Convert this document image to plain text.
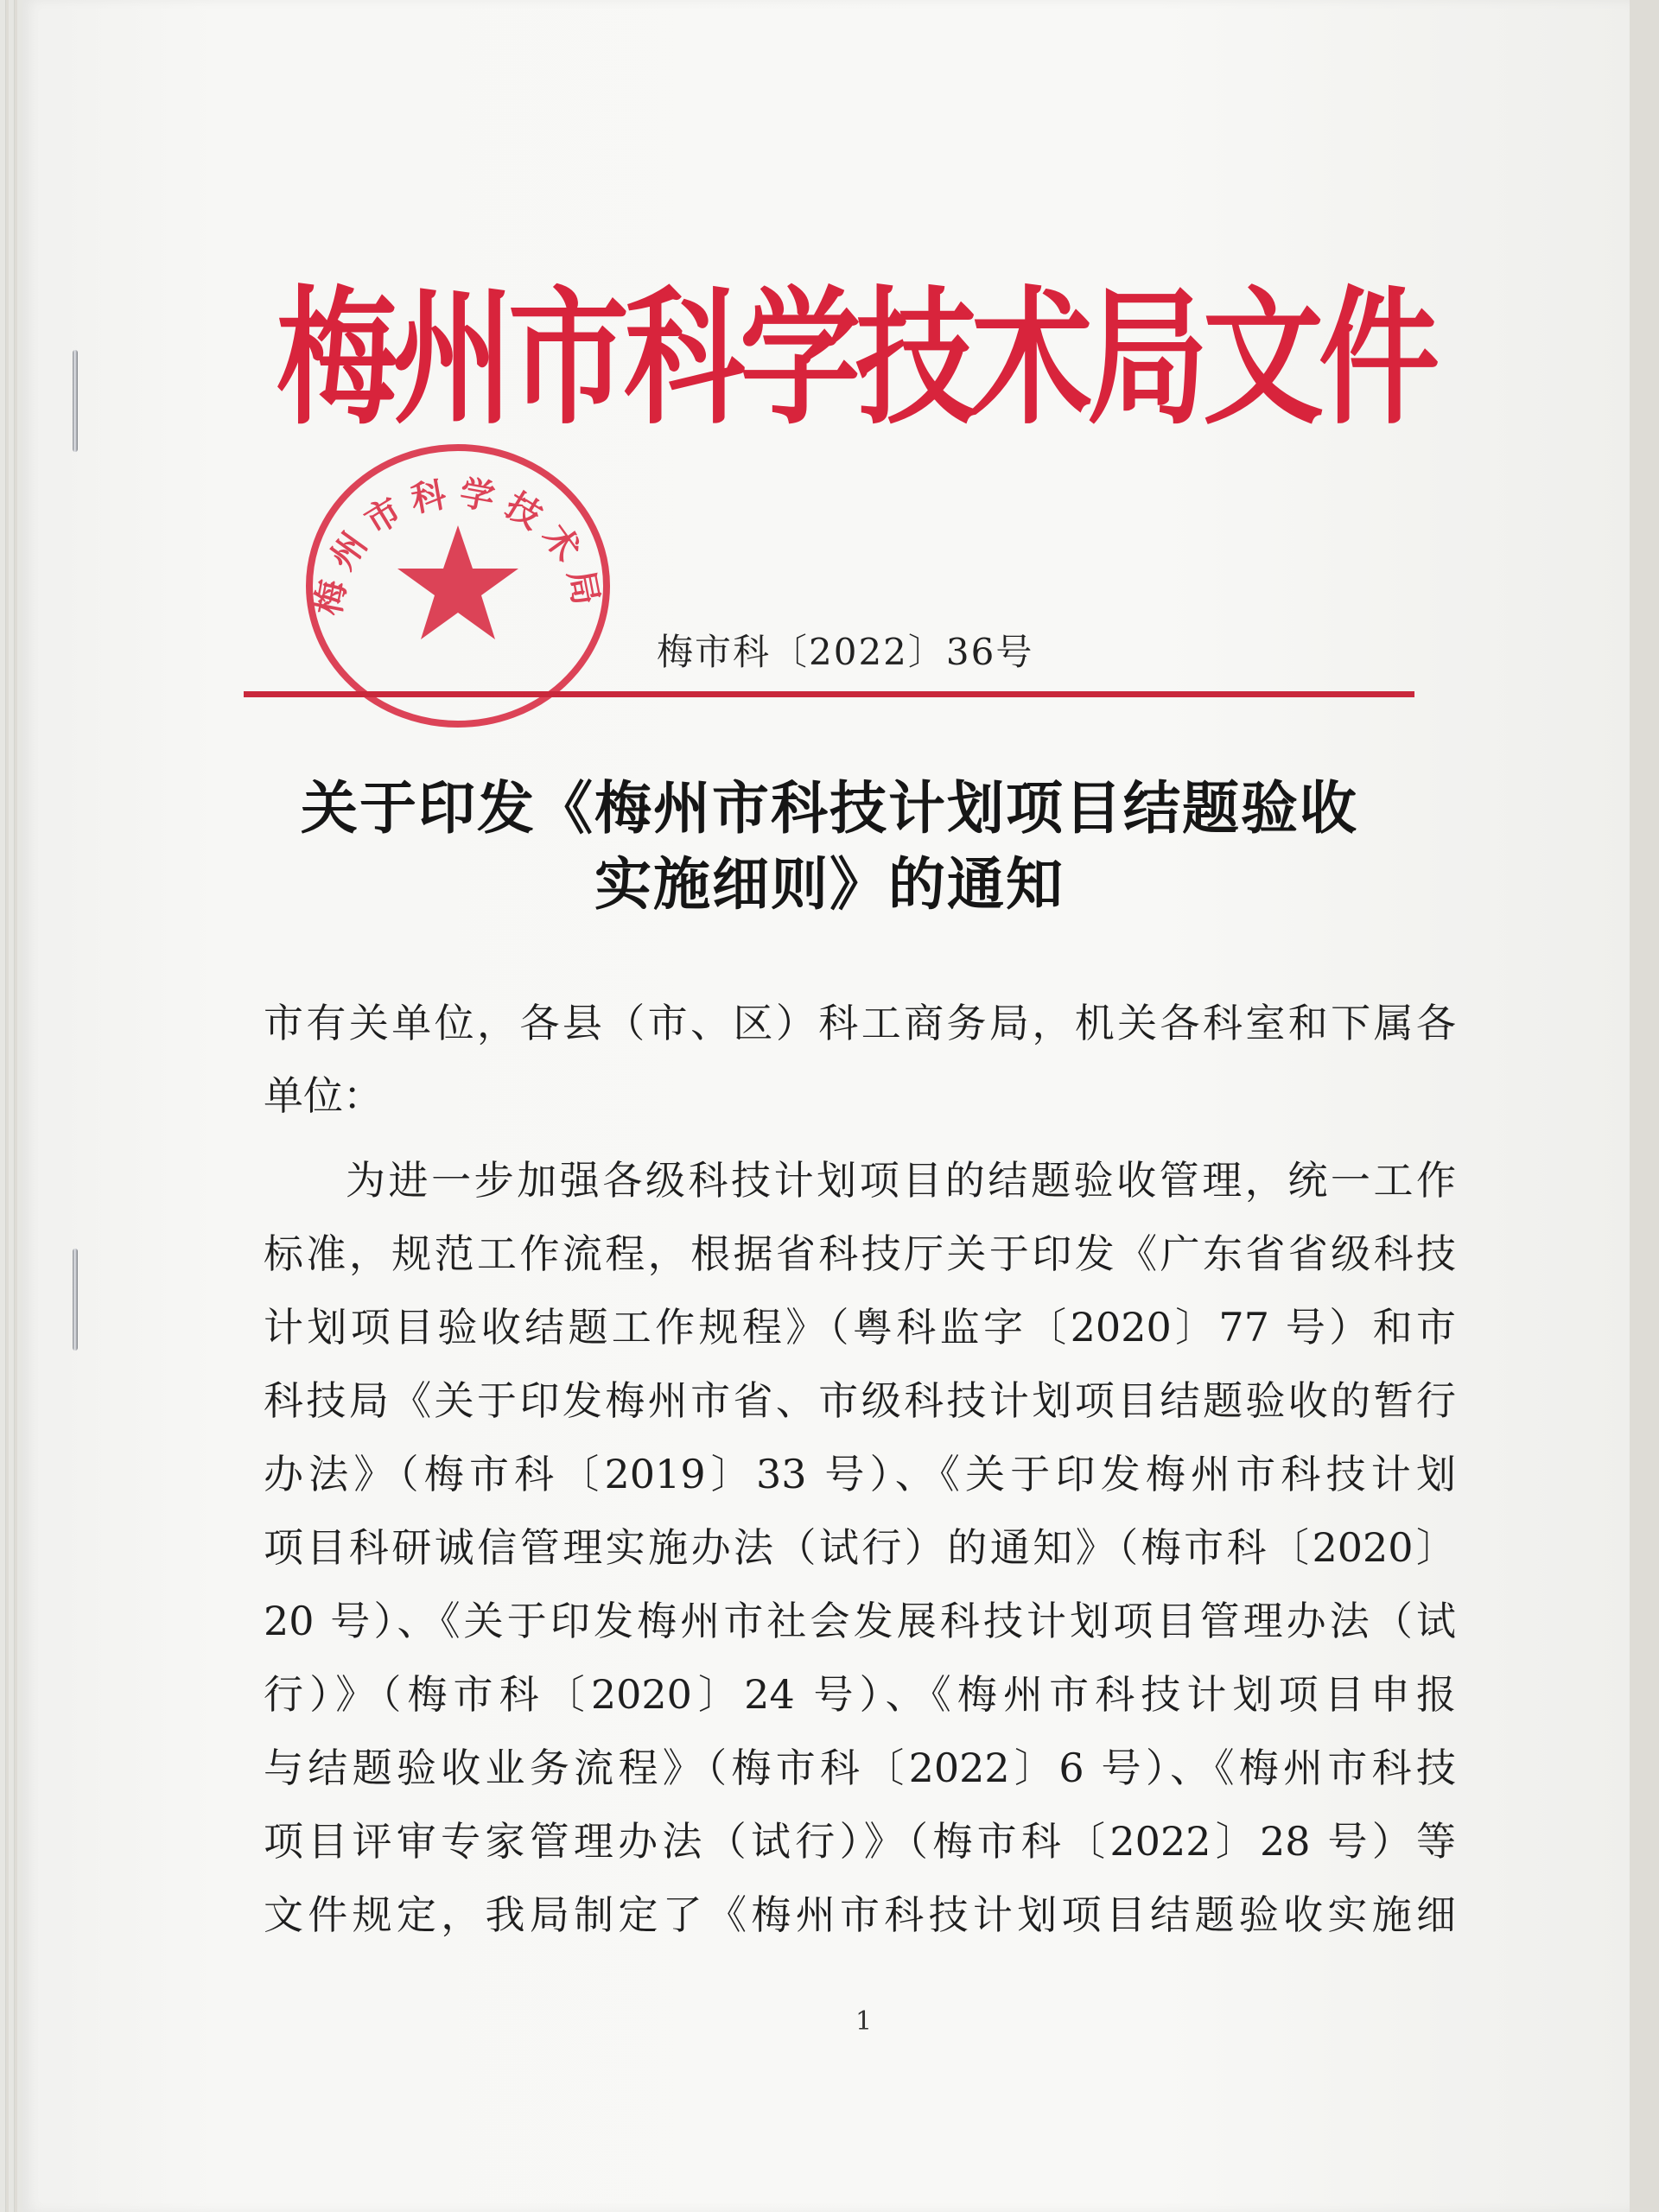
梅州市科学技术局文件
梅州市科学技术局
梅市科〔2022〕36号
关于印发《梅州市科技计划项目结题验收
实施细则》的通知
市有关单位，各县（市、区）科工商务局，机关各科室和下属各
单位：
为进一步加强各级科技计划项目的结题验收管理，统一工作
标准，规范工作流程，根据省科技厅关于印发《广东省省级科技
计划项目验收结题工作规程》（粤科监字〔2020〕77 号）和市
科技局《关于印发梅州市省、市级科技计划项目结题验收的暂行
办法》（梅市科〔2019〕33 号）、《关于印发梅州市科技计划
项目科研诚信管理实施办法（试行）的通知》（梅市科〔2020〕
20 号）、《关于印发梅州市社会发展科技计划项目管理办法（试
行）》（梅市科〔2020〕24 号）、《梅州市科技计划项目申报
与结题验收业务流程》（梅市科〔2022〕6 号）、《梅州市科技
项目评审专家管理办法（试行）》（梅市科〔2022〕28 号）等
文件规定，我局制定了《梅州市科技计划项目结题验收实施细
1
